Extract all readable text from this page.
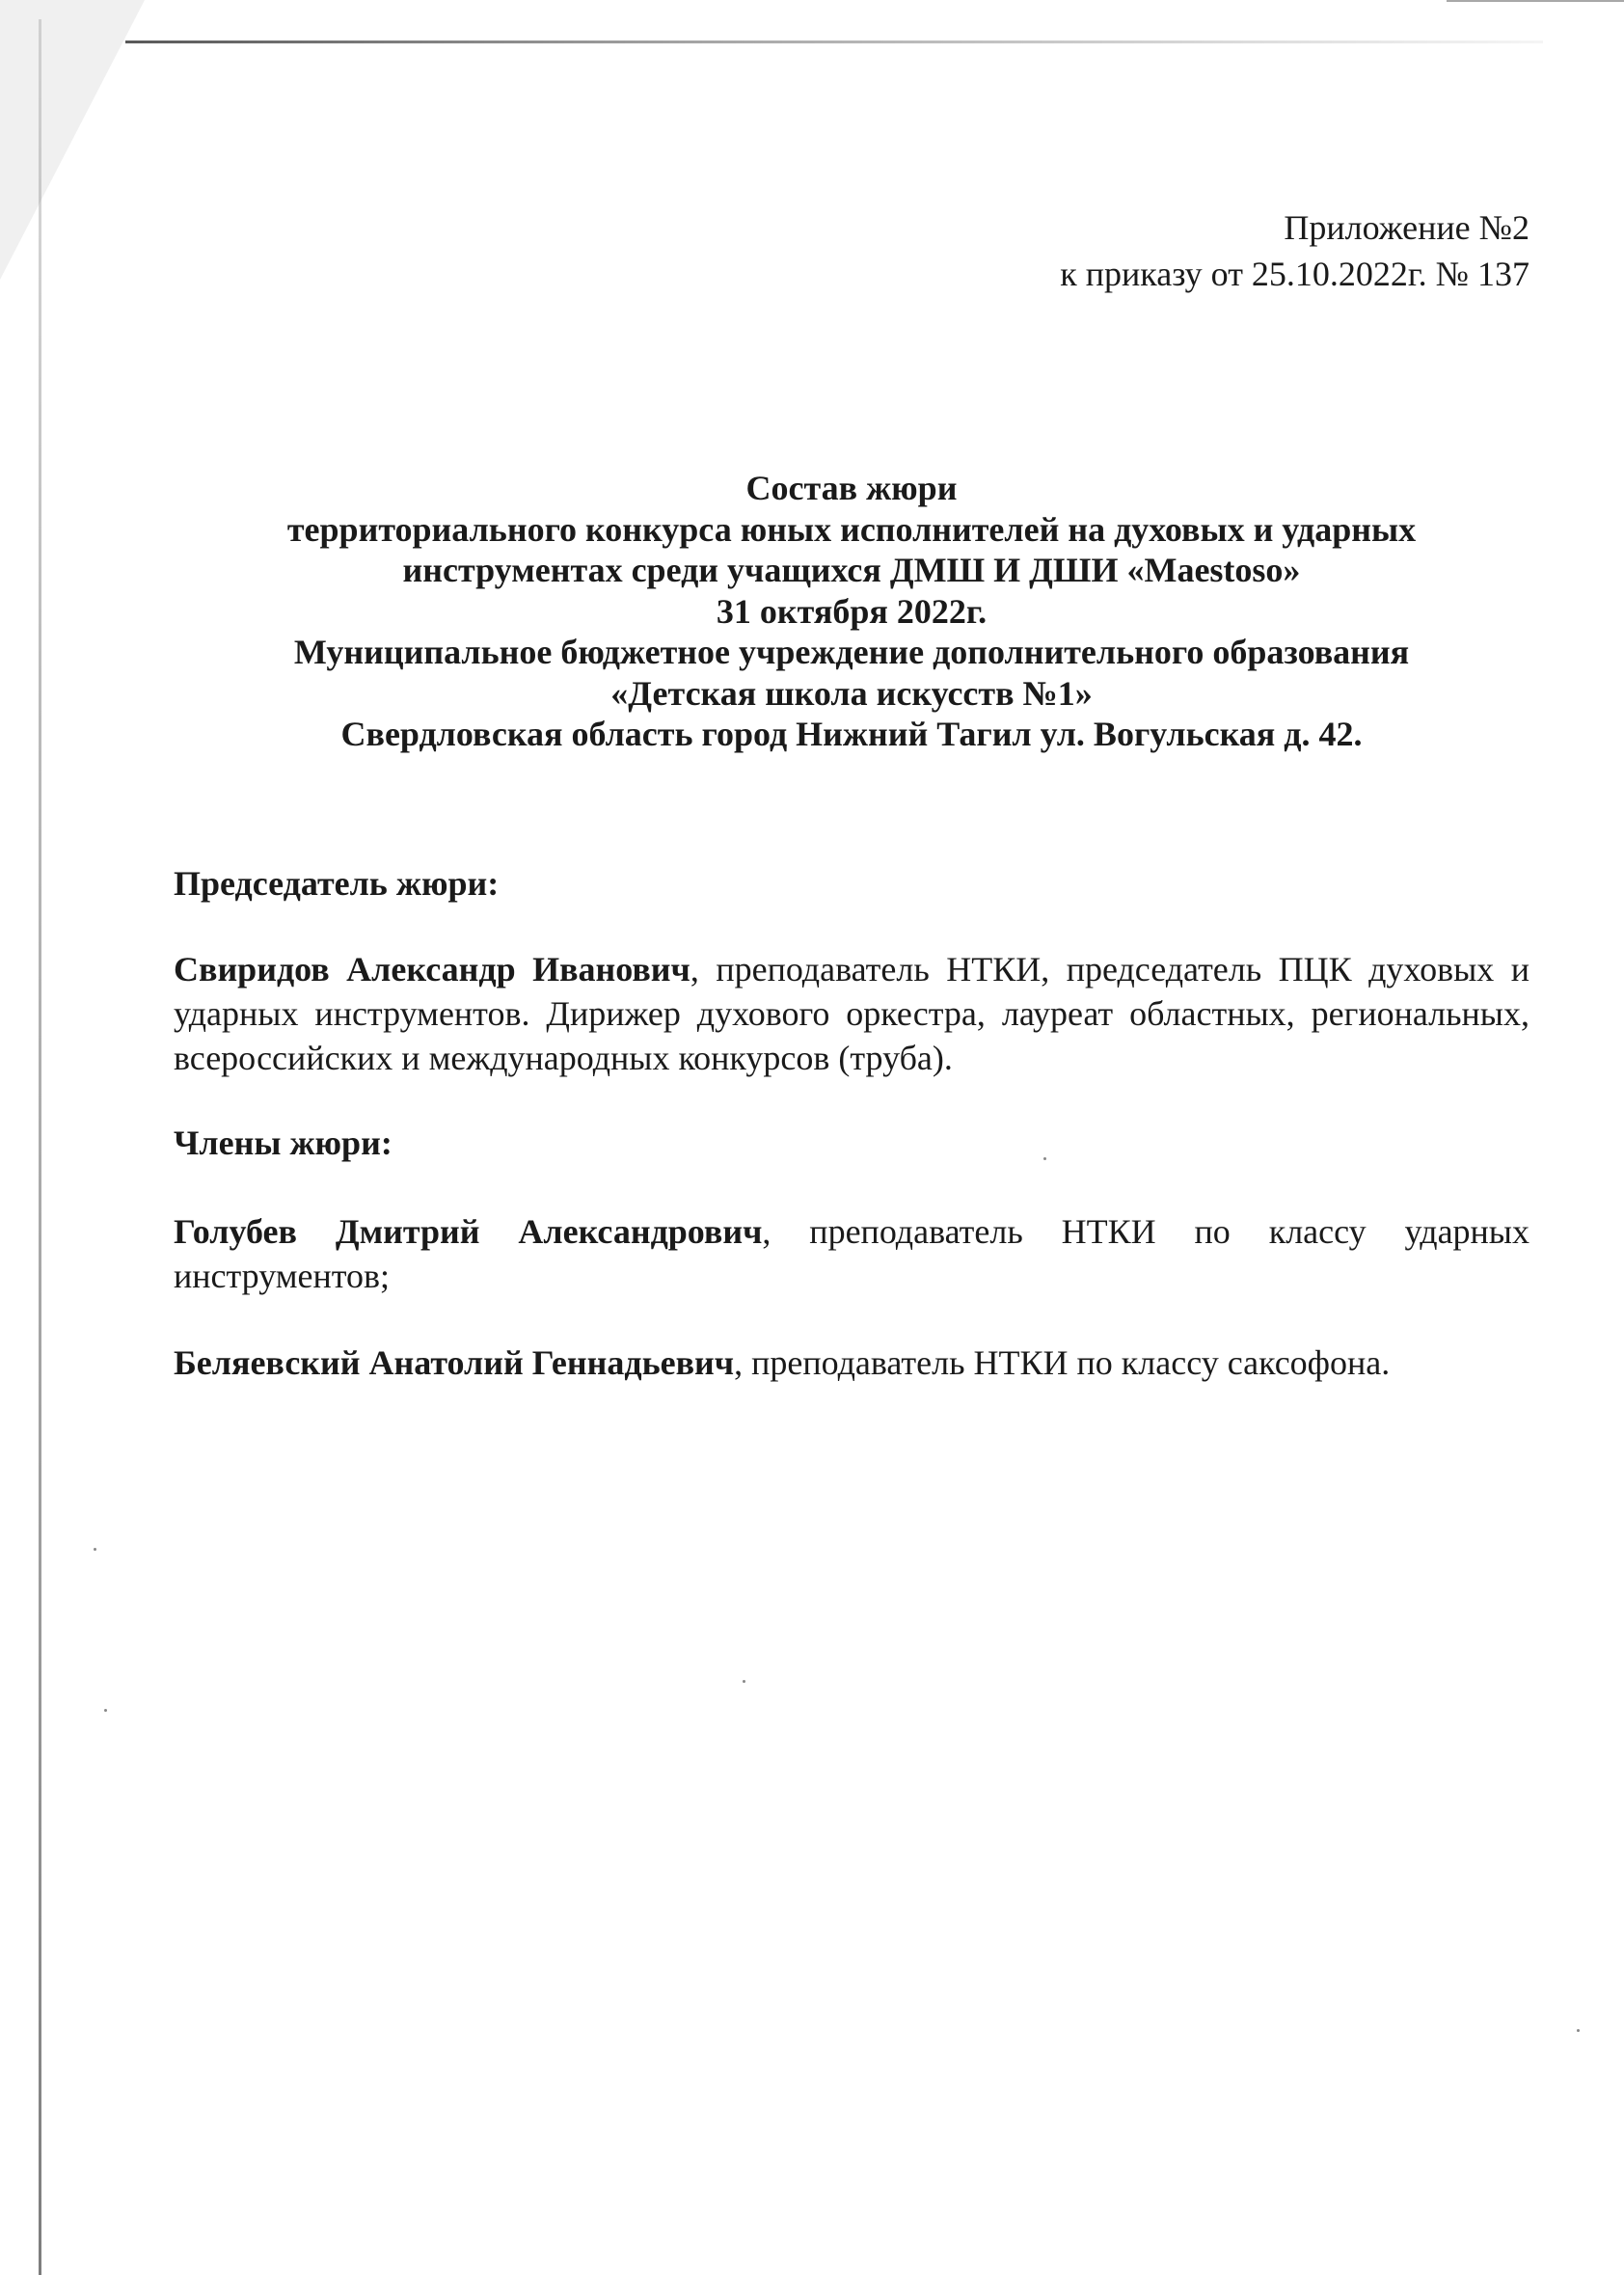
Приложение №2
к приказу от 25.10.2022г. № 137
Состав жюри
территориального конкурса юных исполнителей на духовых и ударных
инструментах среди учащихся ДМШ И ДШИ «Maestoso»
31 октября 2022г.
Муниципальное бюджетное учреждение дополнительного образования
«Детская школа искусств №1»
Свердловская область город Нижний Тагил ул. Вогульская д. 42.
Председатель жюри:
Свиридов Александр Иванович, преподаватель НТКИ, председатель ПЦК духовых и ударных инструментов. Дирижер духового оркестра, лауреат областных, региональных, всероссийских и международных конкурсов (труба).
Члены жюри:
Голубев Дмитрий Александрович, преподаватель НТКИ по классу ударных инструментов;
Беляевский Анатолий Геннадьевич, преподаватель НТКИ по классу саксофона.
